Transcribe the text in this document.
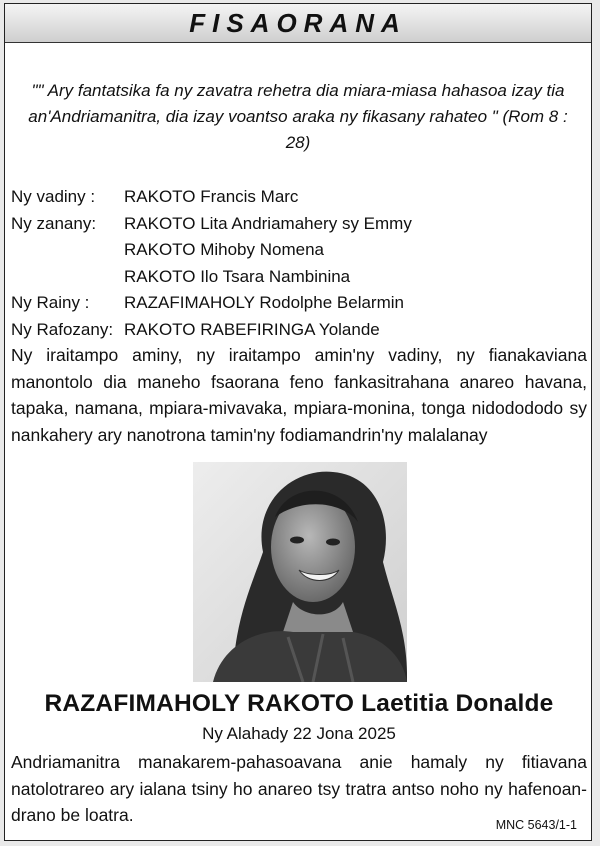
FISAORANA
"" Ary fantatsika fa ny zavatra rehetra dia miara-miasa hahasoa izay tia an'Andriamanitra, dia izay voantso araka ny fikasany rahateo " (Rom 8 : 28)
Ny vadiny : RAKOTO Francis Marc
Ny zanany: RAKOTO Lita Andriamahery sy Emmy
RAKOTO Mihoby Nomena
RAKOTO Ilo Tsara Nambinina
Ny Rainy : RAZAFIMAHOLY Rodolphe Belarmin
Ny Rafozany: RAKOTO RABEFIRINGA Yolande
Ny iraitampo aminy, ny iraitampo amin'ny vadiny, ny fianakaviana manontolo dia maneho fsaorana feno fankasitrahana anareo havana, tapaka, namana, mpiara-mivavaka, mpiara-monina, tonga nidodododo sy nankahery ary nanotrona tamin'ny fodiamandrin'ny malalanay
RAZAFIMAHOLY RAKOTO Laetitia Donalde
Ny Alahady 22 Jona 2025
Andriamanitra manakarem-pahasoavana anie hamaly ny fitiavana natolotrareo ary ialana tsiny ho anareo tsy tratra antso noho ny hafenoan-drano be loatra.	MNC 5643/1-1
